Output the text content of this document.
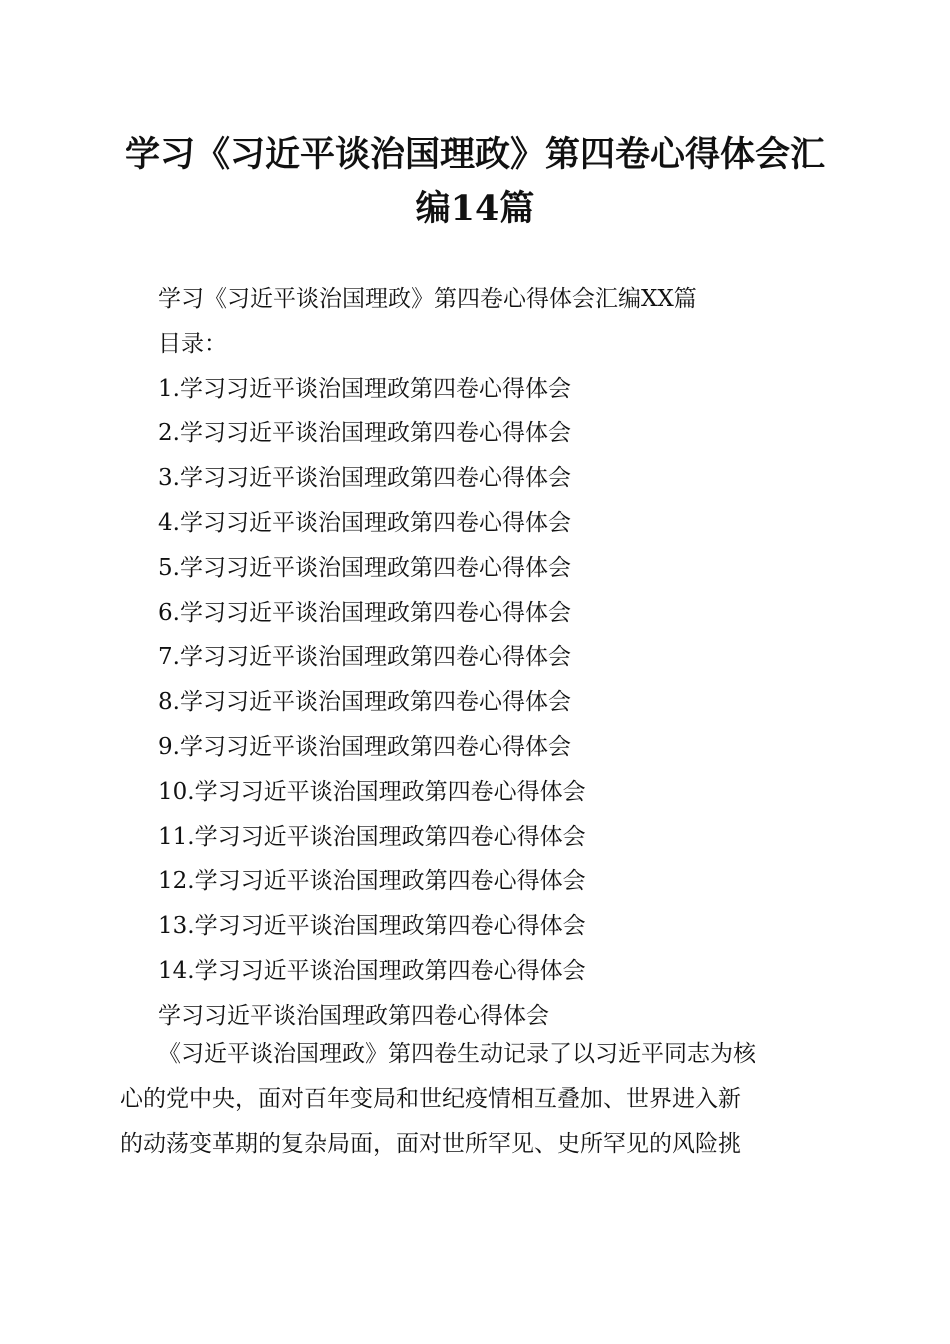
学习《习近平谈治国理政》第四卷心得体会汇
编14篇
学习《习近平谈治国理政》第四卷心得体会汇编XX篇
目录：
1.学习习近平谈治国理政第四卷心得体会
2.学习习近平谈治国理政第四卷心得体会
3.学习习近平谈治国理政第四卷心得体会
4.学习习近平谈治国理政第四卷心得体会
5.学习习近平谈治国理政第四卷心得体会
6.学习习近平谈治国理政第四卷心得体会
7.学习习近平谈治国理政第四卷心得体会
8.学习习近平谈治国理政第四卷心得体会
9.学习习近平谈治国理政第四卷心得体会
10.学习习近平谈治国理政第四卷心得体会
11.学习习近平谈治国理政第四卷心得体会
12.学习习近平谈治国理政第四卷心得体会
13.学习习近平谈治国理政第四卷心得体会
14.学习习近平谈治国理政第四卷心得体会
学习习近平谈治国理政第四卷心得体会
《习近平谈治国理政》第四卷生动记录了以习近平同志为核
心的党中央，面对百年变局和世纪疫情相互叠加、世界进入新
的动荡变革期的复杂局面，面对世所罕见、史所罕见的风险挑
